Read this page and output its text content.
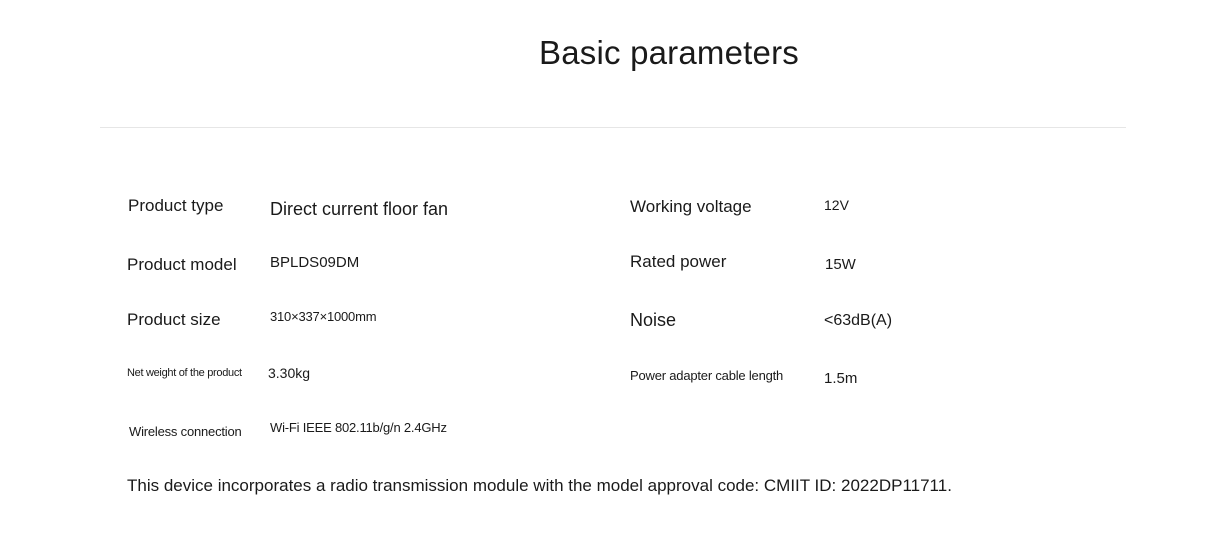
Basic parameters
Product type	Direct current floor fan
Product model BPLDS09DM
Product size	310×337×1000mm
Net weight of the product 3.30kg
Wireless connection Wi-Fi IEEE 802.11b/g/n 2.4GHz
Working voltage	12V
Rated power	15W
Noise	<63dB(A)
Power adapter cable length	1.5m
This device incorporates a radio transmission module with the model approval code: CMIIT ID: 2022DP11711.
